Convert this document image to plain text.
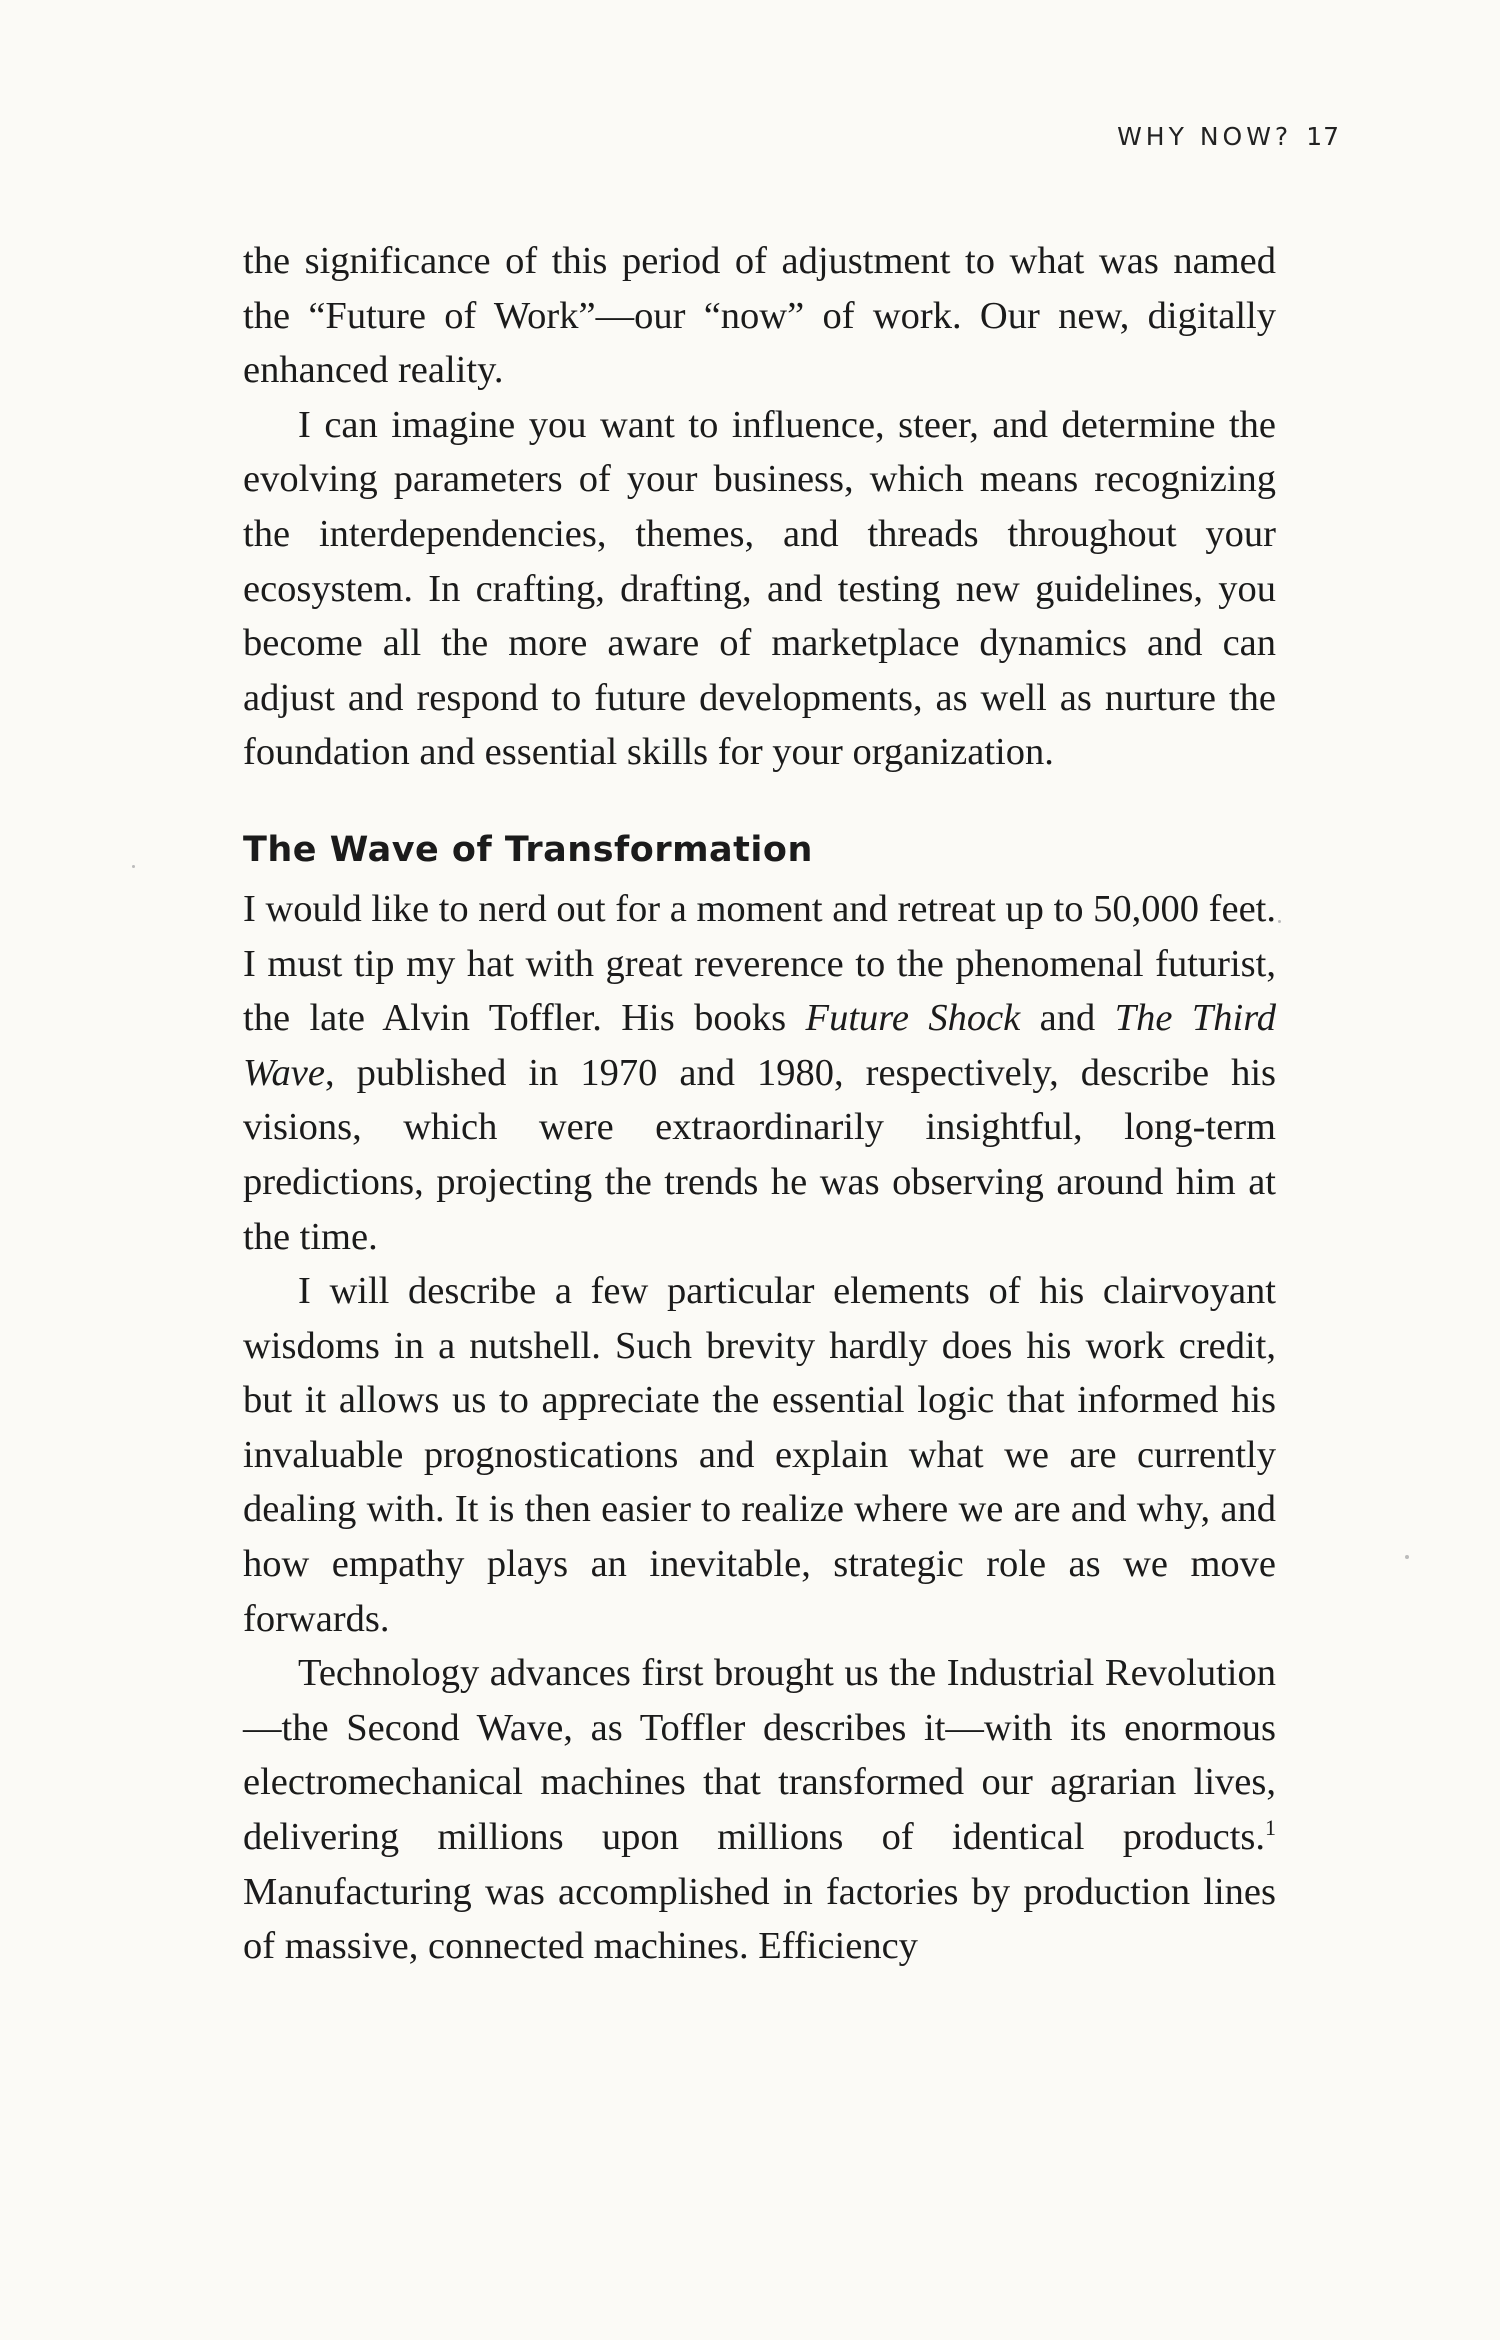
WHY NOW? 17

the significance of this period of adjustment to what was named the “Future of Work”—our “now” of work. Our new, digitally enhanced reality.

I can imagine you want to influence, steer, and determine the evolving parameters of your business, which means recognizing the interdependencies, themes, and threads throughout your ecosystem. In crafting, drafting, and testing new guidelines, you become all the more aware of marketplace dynamics and can adjust and respond to future developments, as well as nurture the foundation and essential skills for your organization.

The Wave of Transformation

I would like to nerd out for a moment and retreat up to 50,000 feet. I must tip my hat with great reverence to the phenomenal futurist, the late Alvin Toffler. His books Future Shock and The Third Wave, published in 1970 and 1980, respectively, describe his visions, which were extraordinarily insightful, long-term predictions, projecting the trends he was observing around him at the time.

I will describe a few particular elements of his clairvoyant wisdoms in a nutshell. Such brevity hardly does his work credit, but it allows us to appreciate the essential logic that informed his invaluable prognostications and explain what we are currently dealing with. It is then easier to realize where we are and why, and how empathy plays an inevitable, strategic role as we move forwards.

Technology advances first brought us the Industrial Revolution—the Second Wave, as Toffler describes it—with its enormous electromechanical machines that transformed our agrarian lives, delivering millions upon millions of identical products.$^1$ Manufacturing was accomplished in factories by production lines of massive, connected machines. Efficiency
